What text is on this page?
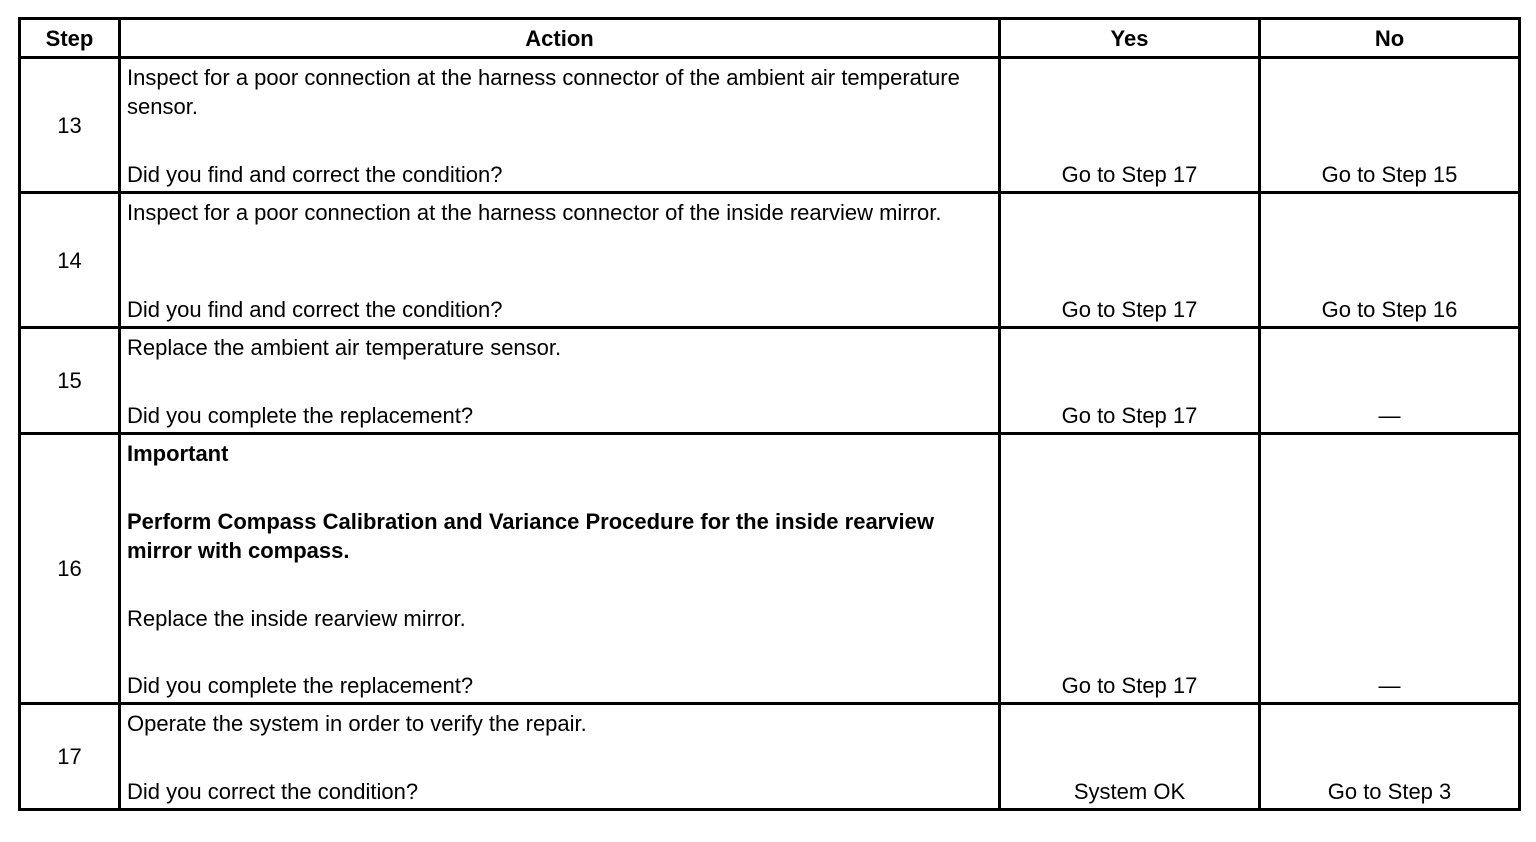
Step	Action	Yes	No
13	Inspect for a poor connection at the harness connector of the ambient air temperature sensor.
Did you find and correct the condition?	Go to Step 17	Go to Step 15

14	Inspect for a poor connection at the harness connector of the inside rearview mirror.
Did you find and correct the condition?	Go to Step 17	Go to Step 16

15	Replace the ambient air temperature sensor.
Did you complete the replacement?	Go to Step 17	—

16	Important
Perform Compass Calibration and Variance Procedure for the inside rearview mirror with compass.
Replace the inside rearview mirror.
Did you complete the replacement?	Go to Step 17	—

17	Operate the system in order to verify the repair.
Did you correct the condition?	System OK	Go to Step 3
